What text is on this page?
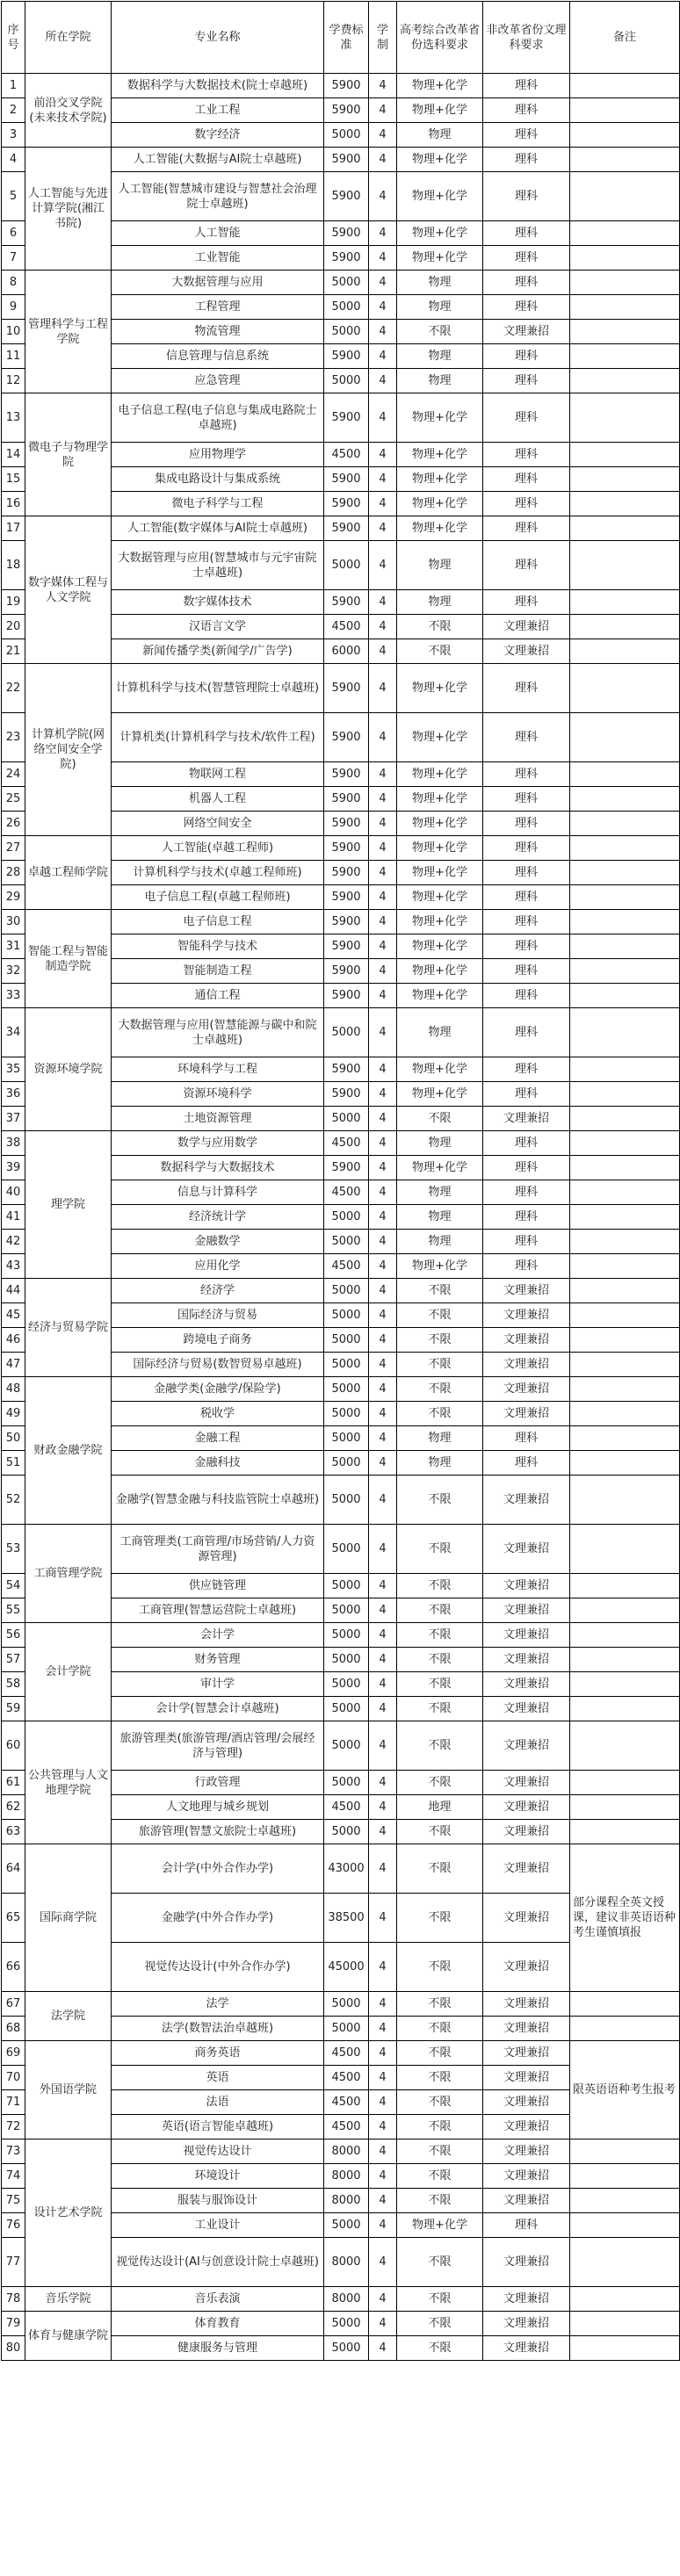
序号	所在学院	专业名称	学费标准	学制	高考综合改革省份选科要求	非改革省份文理科要求	备注
1	前沿交叉学院(未来技术学院)	数据科学与大数据技术(院士卓越班)	5900	4	物理+化学	理科	
2		工业工程	5900	4	物理+化学	理科	
3		数字经济	5000	4	物理	理科	
4	人工智能与先进计算学院(湘江书院)	人工智能(大数据与AI院士卓越班)	5900	4	物理+化学	理科	
5		人工智能(智慧城市建设与智慧社会治理院士卓越班)	5900	4	物理+化学	理科	
6		人工智能	5900	4	物理+化学	理科	
7		工业智能	5900	4	物理+化学	理科	
8	管理科学与工程学院	大数据管理与应用	5000	4	物理	理科	
9		工程管理	5000	4	物理	理科	
10		物流管理	5000	4	不限	文理兼招	
11		信息管理与信息系统	5900	4	物理	理科	
12		应急管理	5000	4	物理	理科	
13	微电子与物理学院	电子信息工程(电子信息与集成电路院士卓越班)	5900	4	物理+化学	理科	
14		应用物理学	4500	4	物理+化学	理科	
15		集成电路设计与集成系统	5900	4	物理+化学	理科	
16		微电子科学与工程	5900	4	物理+化学	理科	
17	数字媒体工程与人文学院	人工智能(数字媒体与AI院士卓越班)	5900	4	物理+化学	理科	
18		大数据管理与应用(智慧城市与元宇宙院士卓越班)	5000	4	物理	理科	
19		数字媒体技术	5900	4	物理	理科	
20		汉语言文学	4500	4	不限	文理兼招	
21		新闻传播学类(新闻学/广告学)	6000	4	不限	文理兼招	
22	计算机学院(网络空间安全学院)	计算机科学与技术(智慧管理院士卓越班)	5900	4	物理+化学	理科	
23		计算机类(计算机科学与技术/软件工程)	5900	4	物理+化学	理科	
24		物联网工程	5900	4	物理+化学	理科	
25		机器人工程	5900	4	物理+化学	理科	
26		网络空间安全	5900	4	物理+化学	理科	
27	卓越工程师学院	人工智能(卓越工程师)	5900	4	物理+化学	理科	
28		计算机科学与技术(卓越工程师班)	5900	4	物理+化学	理科	
29		电子信息工程(卓越工程师班)	5900	4	物理+化学	理科	
30	智能工程与智能制造学院	电子信息工程	5900	4	物理+化学	理科	
31		智能科学与技术	5900	4	物理+化学	理科	
32		智能制造工程	5900	4	物理+化学	理科	
33		通信工程	5900	4	物理+化学	理科	
34	资源环境学院	大数据管理与应用(智慧能源与碳中和院士卓越班)	5000	4	物理	理科	
35		环境科学与工程	5900	4	物理+化学	理科	
36		资源环境科学	5900	4	物理+化学	理科	
37		土地资源管理	5000	4	不限	文理兼招	
38	理学院	数学与应用数学	4500	4	物理	理科	
39		数据科学与大数据技术	5900	4	物理+化学	理科	
40		信息与计算科学	4500	4	物理	理科	
41		经济统计学	5000	4	物理	理科	
42		金融数学	5000	4	物理	理科	
43		应用化学	4500	4	物理+化学	理科	
44	经济与贸易学院	经济学	5000	4	不限	文理兼招	
45		国际经济与贸易	5000	4	不限	文理兼招	
46		跨境电子商务	5000	4	不限	文理兼招	
47		国际经济与贸易(数智贸易卓越班)	5000	4	不限	文理兼招	
48	财政金融学院	金融学类(金融学/保险学)	5000	4	不限	文理兼招	
49		税收学	5000	4	不限	文理兼招	
50		金融工程	5000	4	物理	理科	
51		金融科技	5000	4	物理	理科	
52		金融学(智慧金融与科技监管院士卓越班)	5000	4	不限	文理兼招	
53	工商管理学院	工商管理类(工商管理/市场营销/人力资源管理)	5000	4	不限	文理兼招	
54		供应链管理	5000	4	不限	文理兼招	
55		工商管理(智慧运营院士卓越班)	5000	4	不限	文理兼招	
56	会计学院	会计学	5000	4	不限	文理兼招	
57		财务管理	5000	4	不限	文理兼招	
58		审计学	5000	4	不限	文理兼招	
59		会计学(智慧会计卓越班)	5000	4	不限	文理兼招	
60	公共管理与人文地理学院	旅游管理类(旅游管理/酒店管理/会展经济与管理)	5000	4	不限	文理兼招	
61		行政管理	5000	4	不限	文理兼招	
62		人文地理与城乡规划	4500	4	地理	文理兼招	
63		旅游管理(智慧文旅院士卓越班)	5000	4	不限	文理兼招	
64	国际商学院	会计学(中外合作办学)	43000	4	不限	文理兼招	部分课程全英文授课，建议非英语语种考生谨慎填报
65		金融学(中外合作办学)	38500	4	不限	文理兼招	
66		视觉传达设计(中外合作办学)	45000	4	不限	文理兼招	
67	法学院	法学	5000	4	不限	文理兼招	
68		法学(数智法治卓越班)	5000	4	不限	文理兼招	
69	外国语学院	商务英语	4500	4	不限	文理兼招	限英语语种考生报考
70		英语	4500	4	不限	文理兼招	
71		法语	4500	4	不限	文理兼招	
72		英语(语言智能卓越班)	4500	4	不限	文理兼招	
73	设计艺术学院	视觉传达设计	8000	4	不限	文理兼招	
74		环境设计	8000	4	不限	文理兼招	
75		服装与服饰设计	8000	4	不限	文理兼招	
76		工业设计	5000	4	物理+化学	理科	
77		视觉传达设计(AI与创意设计院士卓越班)	8000	4	不限	文理兼招	
78	音乐学院	音乐表演	8000	4	不限	文理兼招	
79	体育与健康学院	体育教育	5000	4	不限	文理兼招	
80		健康服务与管理	5000	4	不限	文理兼招	
